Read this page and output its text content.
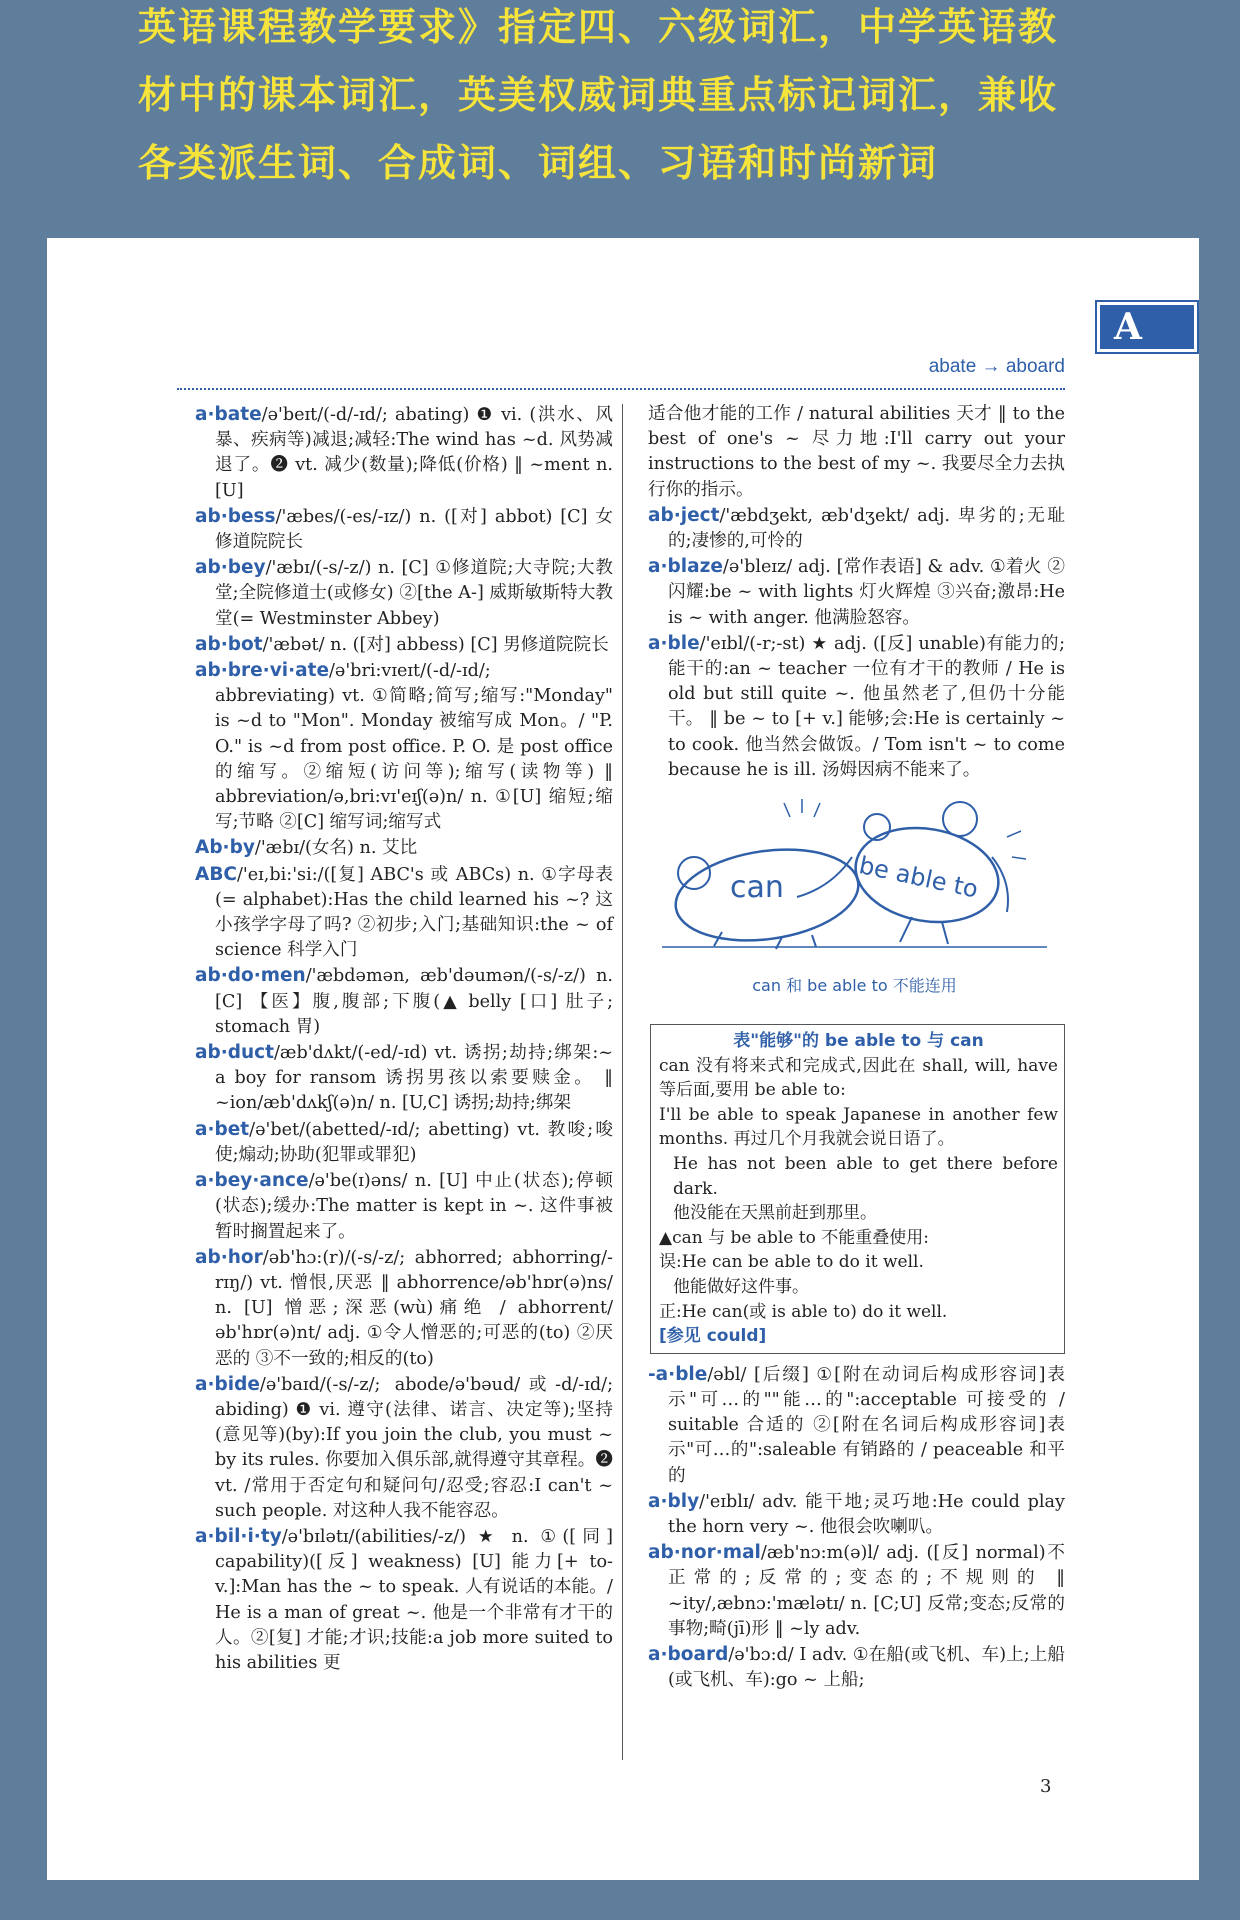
英语课程教学要求》指定四、六级词汇，中学英语教
材中的课本词汇，英美权威词典重点标记词汇，兼收
各类派生词、合成词、词组、习语和时尚新词
A
abate → aboard

a·bate/ə'beɪt/(-d/-ɪd/; abating) ❶ vi. (洪水、风暴、疾病等)减退;减轻:The wind has ~d. 风势减退了。❷ vt. 减少(数量);降低(价格) ‖ ~ment n. [U]

ab·bess/'æbes/(-es/-ɪz/) n. ([对] abbot) [C] 女修道院院长

ab·bey/'æbɪ/(-s/-z/) n. [C] ①修道院;大寺院;大教堂;全院修道士(或修女) ②[the A-] 威斯敏斯特大教堂(= Westminster Abbey)

ab·bot/'æbət/ n. ([对] abbess) [C] 男修道院院长

ab·bre·vi·ate/ə'bri:vɪeɪt/(-d/-ɪd/; abbreviating) vt. ①简略;简写;缩写:"Monday" is ~d to "Mon". Monday 被缩写成 Mon。/ "P. O." is ~d from post office. P. O. 是 post office 的缩写。②缩短(访问等);缩写(读物等) ‖ abbreviation/ə,bri:vɪ'eɪʃ(ə)n/ n. ①[U] 缩短;缩写;节略 ②[C] 缩写词;缩写式

Ab·by/'æbɪ/(女名) n. 艾比

ABC/'eɪ,bi:'si:/([复] ABC's 或 ABCs) n. ①字母表(= alphabet):Has the child learned his ~? 这小孩学字母了吗? ②初步;入门;基础知识:the ~ of science 科学入门

ab·do·men/'æbdəmən, æb'dəumən/(-s/-z/) n. [C] 【医】腹,腹部;下腹(▲ belly [口] 肚子; stomach 胃)

ab·duct/æb'dʌkt/(-ed/-ɪd) vt. 诱拐;劫持;绑架:~ a boy for ransom 诱拐男孩以索要赎金。 ‖ ~ion/æb'dʌkʃ(ə)n/ n. [U,C] 诱拐;劫持;绑架

a·bet/ə'bet/(abetted/-ɪd/; abetting) vt. 教唆;唆使;煽动;协助(犯罪或罪犯)

a·bey·ance/ə'be(ɪ)əns/ n. [U] 中止(状态);停顿(状态);缓办:The matter is kept in ~. 这件事被暂时搁置起来了。

ab·hor/əb'hɔ:(r)/(-s/-z/; abhorred; abhorring/-rɪŋ/) vt. 憎恨,厌恶 ‖ abhorrence/əb'hɒr(ə)ns/ n. [U] 憎恶;深恶(wù)痛绝 / abhorrent/əb'hɒr(ə)nt/ adj. ①令人憎恶的;可恶的(to) ②厌恶的 ③不一致的;相反的(to)

a·bide/ə'baɪd/(-s/-z/; abode/ə'bəud/或-d/-ɪd/; abiding) ❶ vi. 遵守(法律、诺言、决定等);坚持(意见等)(by):If you join the club, you must ~ by its rules. 你要加入俱乐部,就得遵守其章程。❷ vt. /常用于否定句和疑问句/忍受;容忍:I can't ~ such people. 对这种人我不能容忍。

a·bil·i·ty/ə'bɪlətɪ/(abilities/-z/) ★ n. ①([同] capability)([反] weakness) [U] 能力[+ to-v.]:Man has the ~ to speak. 人有说话的本能。/ He is a man of great ~. 他是一个非常有才干的人。②[复] 才能;才识;技能:a job more suited to his abilities 更

适合他才能的工作 / natural abilities 天才 ‖ to the best of one's ~ 尽力地:I'll carry out your instructions to the best of my ~. 我要尽全力去执行你的指示。

ab·ject/'æbdʒekt, æb'dʒekt/ adj. 卑劣的;无耻的;凄惨的,可怜的

a·blaze/ə'bleɪz/ adj. [常作表语] & adv. ①着火 ②闪耀:be ~ with lights 灯火辉煌 ③兴奋;激昂:He is ~ with anger. 他满脸怒容。

a·ble/'eɪbl/(-r;-st) ★ adj. ([反] unable)有能力的;能干的:an ~ teacher 一位有才干的教师 / He is old but still quite ~. 他虽然老了,但仍十分能干。 ‖ be ~ to [+ v.] 能够;会:He is certainly ~ to cook. 他当然会做饭。/ Tom isn't ~ to come because he is ill. 汤姆因病不能来了。

can	be able to
can 和 be able to 不能连用
表"能够"的 be able to 与 can

can 没有将来式和完成式,因此在 shall, will, have 等后面,要用 be able to:

I'll be able to speak Japanese in another few months. 再过几个月我就会说日语了。

He has not been able to get there before dark.

他没能在天黑前赶到那里。

▲can 与 be able to 不能重叠使用:

误:He can be able to do it well.

他能做好这件事。

正:He can(或 is able to) do it well.

[参见 could]

-a·ble/əbl/ [后缀] ①[附在动词后构成形容词]表示"可…的""能…的":acceptable 可接受的 / suitable 合适的 ②[附在名词后构成形容词]表示"可…的":saleable 有销路的 / peaceable 和平的

a·bly/'eɪblɪ/ adv. 能干地;灵巧地:He could play the horn very ~. 他很会吹喇叭。

ab·nor·mal/æb'nɔ:m(ə)l/ adj. ([反] normal)不正常的;反常的;变态的;不规则的 ‖ ~ity/,æbnɔ:'mælətɪ/ n. [C;U] 反常;变态;反常的事物;畸(jī)形 ‖ ~ly adv.

a·board/ə'bɔ:d/ Ⅰ adv. ①在船(或飞机、车)上;上船(或飞机、车):go ~ 上船;

3
